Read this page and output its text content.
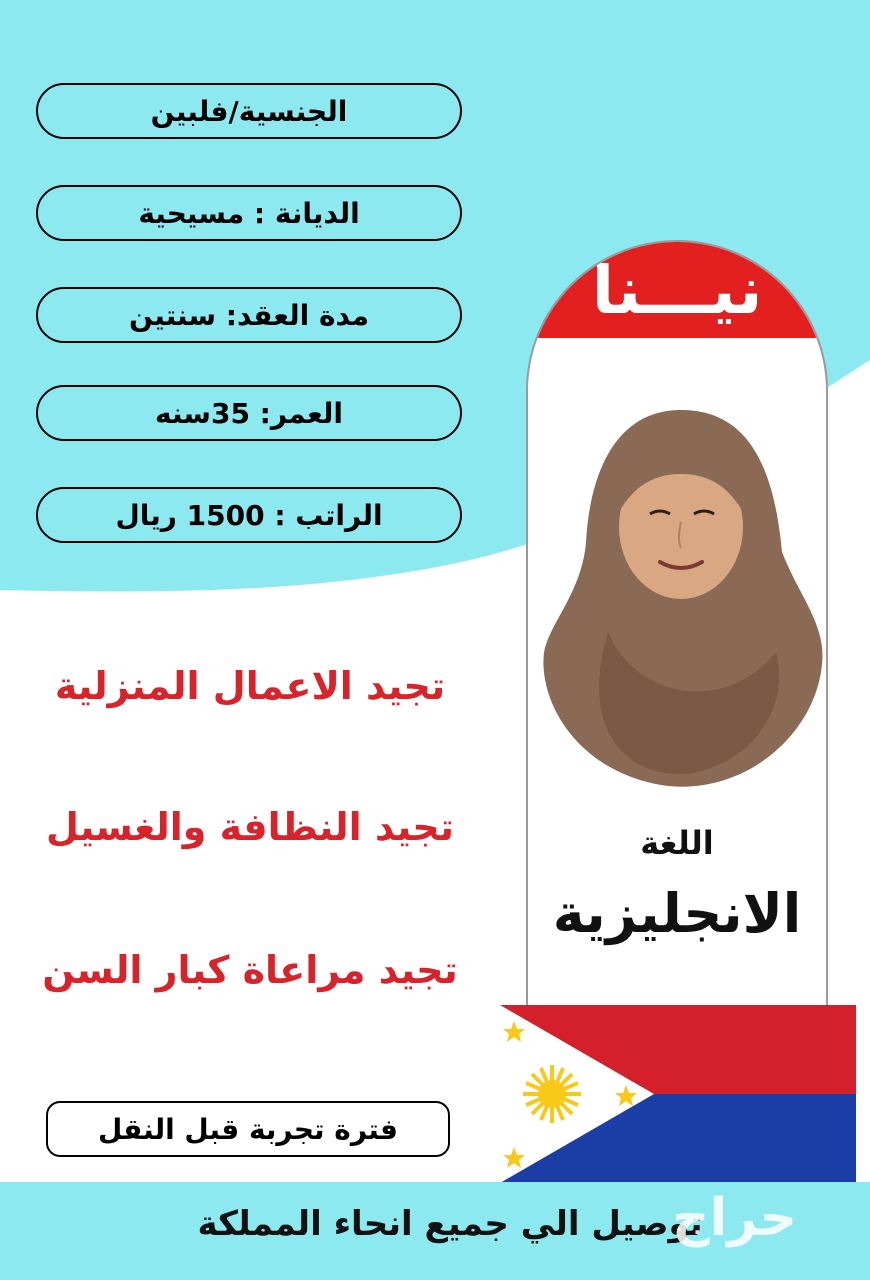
الجنسية/فلبين
الديانة : مسيحية
مدة العقد: سنتين
العمر: 35سنه
الراتب : 1500 ريال
تجيد الاعمال المنزلية
تجيد النظافة والغسيل
تجيد مراعاة كبار السن
نيـــنا
اللغة
الانجليزية
فترة تجربة قبل النقل
توصيل الي جميع انحاء المملكة
حراج
